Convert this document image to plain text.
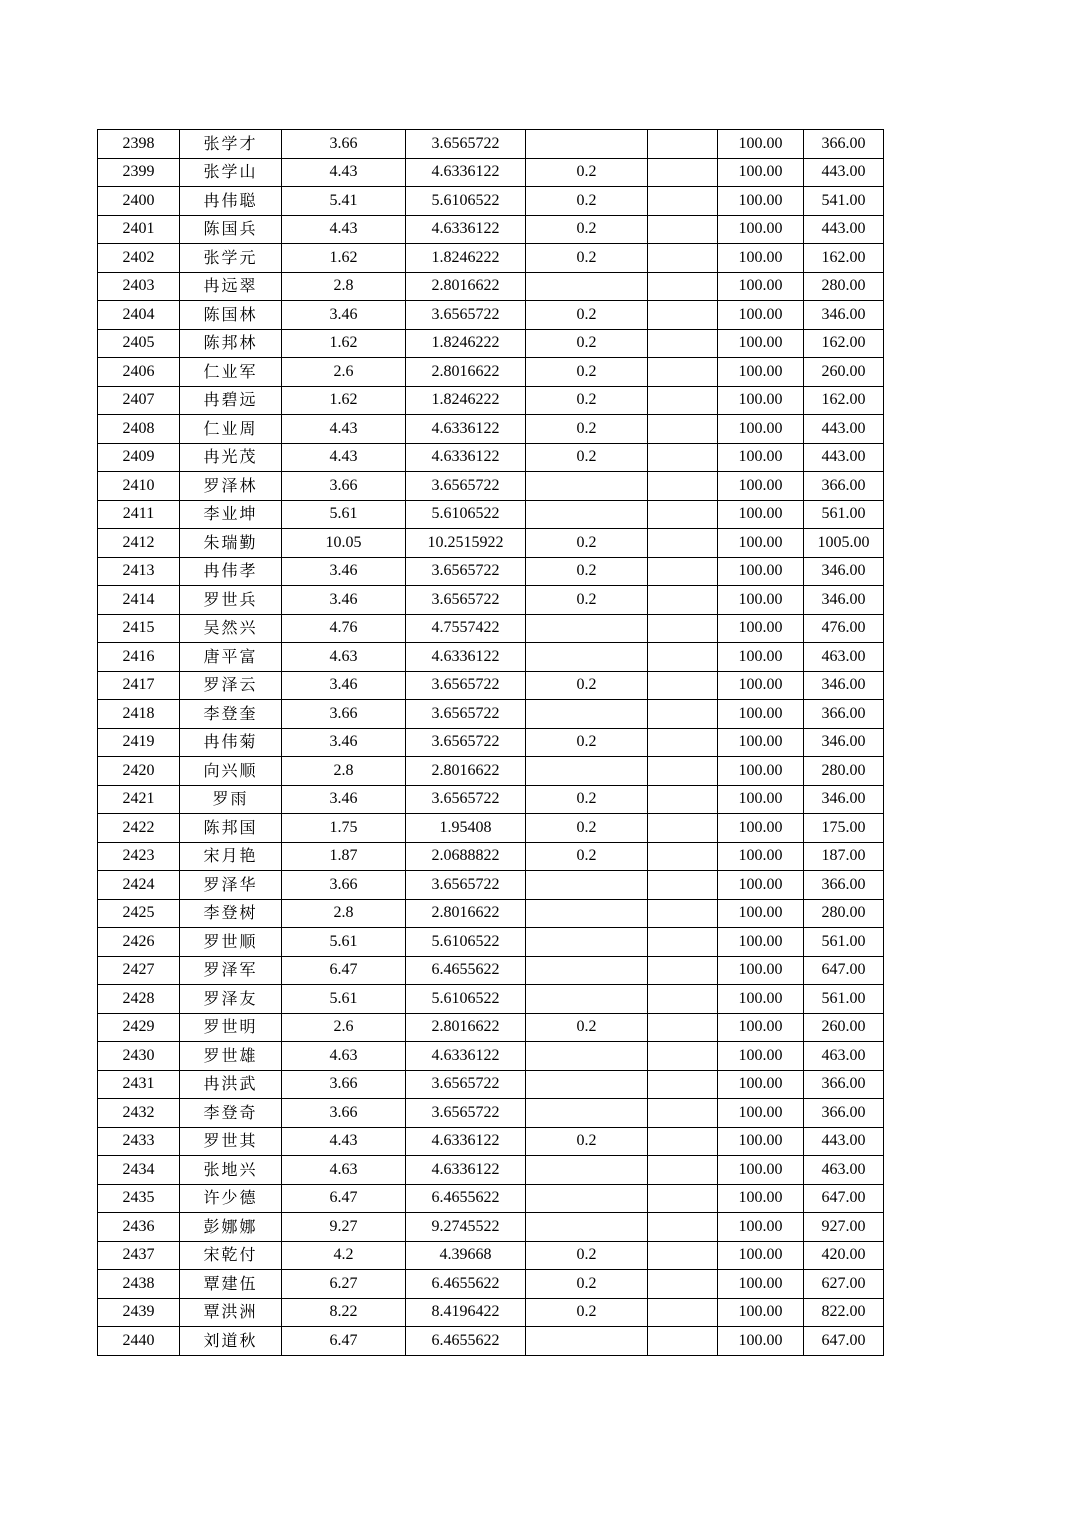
2398	张学才	3.66	3.6565722			100.00	366.00
2399	张学山	4.43	4.6336122	0.2		100.00	443.00
2400	冉伟聪	5.41	5.6106522	0.2		100.00	541.00
2401	陈国兵	4.43	4.6336122	0.2		100.00	443.00
2402	张学元	1.62	1.8246222	0.2		100.00	162.00
2403	冉远翠	2.8	2.8016622			100.00	280.00
2404	陈国林	3.46	3.6565722	0.2		100.00	346.00
2405	陈邦林	1.62	1.8246222	0.2		100.00	162.00
2406	仁业军	2.6	2.8016622	0.2		100.00	260.00
2407	冉碧远	1.62	1.8246222	0.2		100.00	162.00
2408	仁业周	4.43	4.6336122	0.2		100.00	443.00
2409	冉光茂	4.43	4.6336122	0.2		100.00	443.00
2410	罗泽林	3.66	3.6565722			100.00	366.00
2411	李业坤	5.61	5.6106522			100.00	561.00
2412	朱瑞勤	10.05	10.2515922	0.2		100.00	1005.00
2413	冉伟孝	3.46	3.6565722	0.2		100.00	346.00
2414	罗世兵	3.46	3.6565722	0.2		100.00	346.00
2415	吴然兴	4.76	4.7557422			100.00	476.00
2416	唐平富	4.63	4.6336122			100.00	463.00
2417	罗泽云	3.46	3.6565722	0.2		100.00	346.00
2418	李登奎	3.66	3.6565722			100.00	366.00
2419	冉伟菊	3.46	3.6565722	0.2		100.00	346.00
2420	向兴顺	2.8	2.8016622			100.00	280.00
2421	罗雨	3.46	3.6565722	0.2		100.00	346.00
2422	陈邦国	1.75	1.95408	0.2		100.00	175.00
2423	宋月艳	1.87	2.0688822	0.2		100.00	187.00
2424	罗泽华	3.66	3.6565722			100.00	366.00
2425	李登树	2.8	2.8016622			100.00	280.00
2426	罗世顺	5.61	5.6106522			100.00	561.00
2427	罗泽军	6.47	6.4655622			100.00	647.00
2428	罗泽友	5.61	5.6106522			100.00	561.00
2429	罗世明	2.6	2.8016622	0.2		100.00	260.00
2430	罗世雄	4.63	4.6336122			100.00	463.00
2431	冉洪武	3.66	3.6565722			100.00	366.00
2432	李登奇	3.66	3.6565722			100.00	366.00
2433	罗世其	4.43	4.6336122	0.2		100.00	443.00
2434	张地兴	4.63	4.6336122			100.00	463.00
2435	许少德	6.47	6.4655622			100.00	647.00
2436	彭娜娜	9.27	9.2745522			100.00	927.00
2437	宋乾付	4.2	4.39668	0.2		100.00	420.00
2438	覃建伍	6.27	6.4655622	0.2		100.00	627.00
2439	覃洪洲	8.22	8.4196422	0.2		100.00	822.00
2440	刘道秋	6.47	6.4655622			100.00	647.00
